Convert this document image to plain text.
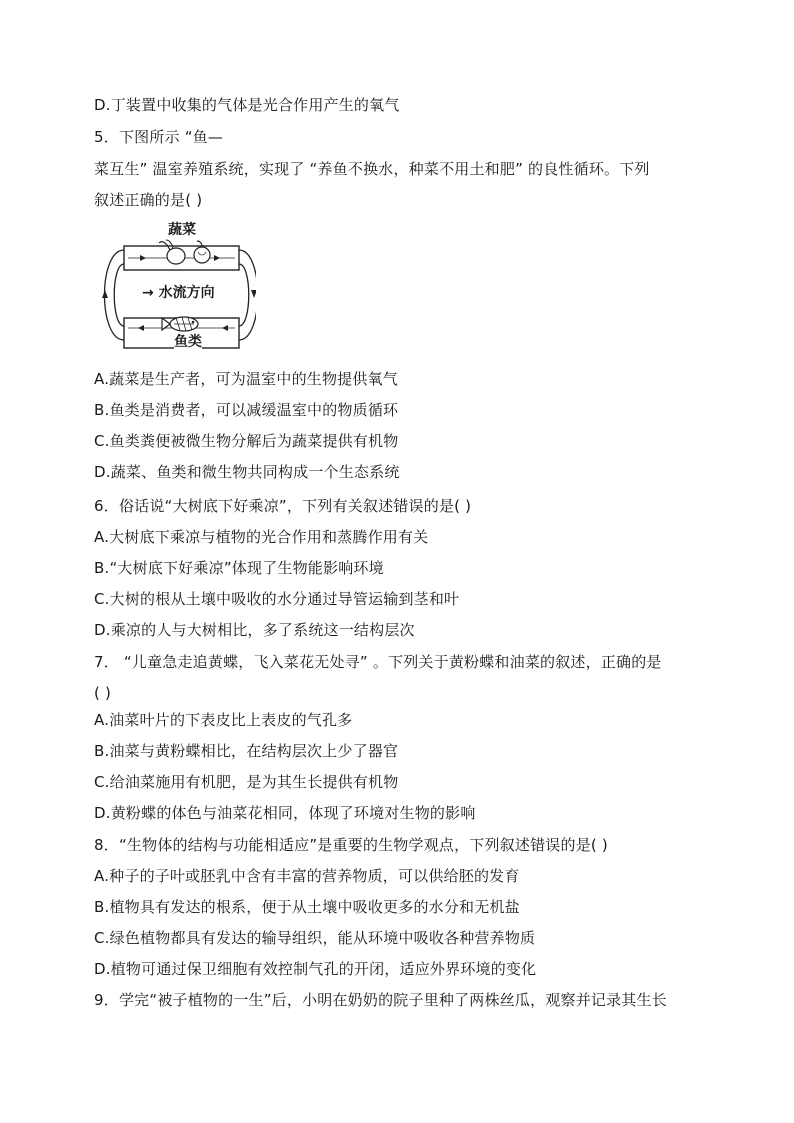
D.丁装置中收集的气体是光合作用产生的氧气
5．下图所示 “鱼—
菜互生” 温室养殖系统，实现了 “养鱼不换水，种菜不用土和肥” 的良性循环。下列
叙述正确的是( )
蔬菜
→ 水流方向
鱼类
A.蔬菜是生产者，可为温室中的生物提供氧气
B.鱼类是消费者，可以减缓温室中的物质循环
C.鱼类粪便被微生物分解后为蔬菜提供有机物
D.蔬菜、鱼类和微生物共同构成一个生态系统
6．俗话说“大树底下好乘凉”，下列有关叙述错误的是( )
A.大树底下乘凉与植物的光合作用和蒸腾作用有关
B.“大树底下好乘凉”体现了生物能影响环境
C.大树的根从土壤中吸收的水分通过导管运输到茎和叶
D.乘凉的人与大树相比，多了系统这一结构层次
7． “儿童急走追黄蝶，飞入菜花无处寻” 。下列关于黄粉蝶和油菜的叙述，正确的是
( )
A.油菜叶片的下表皮比上表皮的气孔多
B.油菜与黄粉蝶相比，在结构层次上少了器官
C.给油菜施用有机肥，是为其生长提供有机物
D.黄粉蝶的体色与油菜花相同，体现了环境对生物的影响
8．“生物体的结构与功能相适应”是重要的生物学观点，下列叙述错误的是( )
A.种子的子叶或胚乳中含有丰富的营养物质，可以供给胚的发育
B.植物具有发达的根系，便于从土壤中吸收更多的水分和无机盐
C.绿色植物都具有发达的输导组织，能从环境中吸收各种营养物质
D.植物可通过保卫细胞有效控制气孔的开闭，适应外界环境的变化
9．学完“被子植物的一生”后，小明在奶奶的院子里种了两株丝瓜，观察并记录其生长
